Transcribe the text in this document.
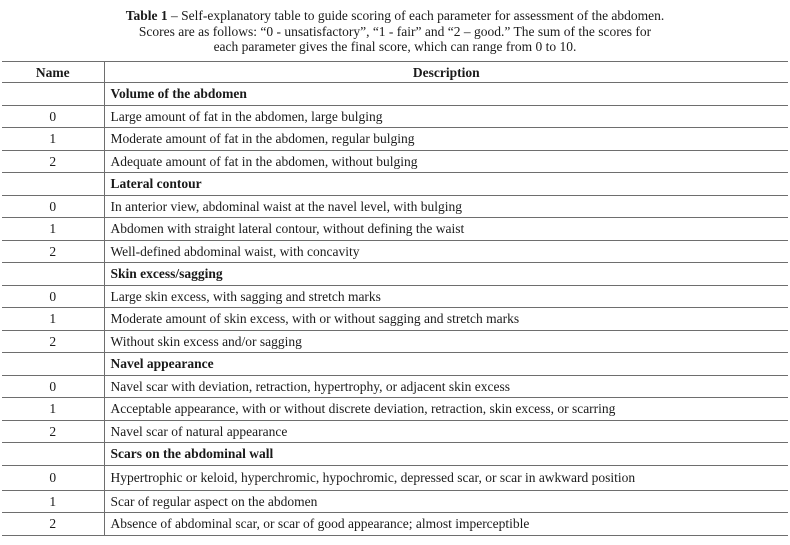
Table 1 – Self-explanatory table to guide scoring of each parameter for assessment of the abdomen.
Scores are as follows: “0 - unsatisfactory”, “1 - fair” and “2 – good.” The sum of the scores for
each parameter gives the final score, which can range from 0 to 10.
Name	Description
	Volume of the abdomen
0	Large amount of fat in the abdomen, large bulging
1	Moderate amount of fat in the abdomen, regular bulging
2	Adequate amount of fat in the abdomen, without bulging
	Lateral contour
0	In anterior view, abdominal waist at the navel level, with bulging
1	Abdomen with straight lateral contour, without defining the waist
2	Well-defined abdominal waist, with concavity
	Skin excess/sagging
0	Large skin excess, with sagging and stretch marks
1	Moderate amount of skin excess, with or without sagging and stretch marks
2	Without skin excess and/or sagging
	Navel appearance
0	Navel scar with deviation, retraction, hypertrophy, or adjacent skin excess
1	Acceptable appearance, with or without discrete deviation, retraction, skin excess, or scarring
2	Navel scar of natural appearance
	Scars on the abdominal wall
0	Hypertrophic or keloid, hyperchromic, hypochromic, depressed scar, or scar in awkward position
1	Scar of regular aspect on the abdomen
2	Absence of abdominal scar, or scar of good appearance; almost imperceptible
